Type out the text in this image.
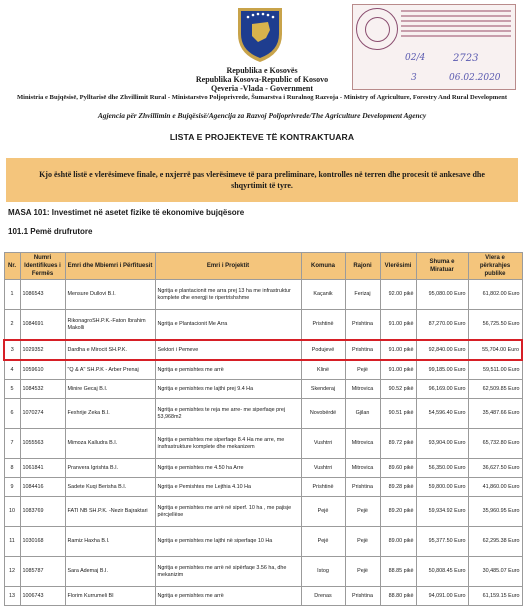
02/4	2723
3	06.02.2020
Republika e Kosovës
Republika Kosova-Republic of Kosovo
Qeveria -Vlada - Government
Ministria e Bujqësisë, Pylltarisë dhe Zhvillimit Rural - Ministarstvo Poljoprivrede, Šumarstva i Ruralnog Razvoja - Ministry of Agriculture, Forestry And Rural Development
Agjencia për Zhvillimin e Bujqësisë/Agencija za Razvoj Poljoprivrede/The Agriculture Development Agency
LISTA E PROJEKTEVE TË KONTRAKTUARA
Kjo është listë e vlerësimeve finale, e nxjerrë pas vlerësimeve të para preliminare, kontrolles në terren dhe procesit të ankesave dhe shqyrtimit të tyre.
MASA 101: Investimet në asetet fizike të ekonomive bujqësore
101.1 Pemë drufrutore
Nr.	Numri Identifikues i Fermës	Emri dhe Mbiemri i Përfituesit	Emri i Projektit	Komuna	Rajoni	Vlerësimi	Shuma e Miratuar	Vlera e përkrahjes publike
1	1086543	Mensure Dullovi B.I.	Ngritja e plantacionit me arra prej 13 ha me infrastruktur komplete dhe energji te ripertrishshme	Kaçanik	Ferizaj	92.00 pikë	95,080.00 Euro	61,802.00 Euro
2	1084691	RikonagroSH.P.K.-Faton Ibrahim Makolli	Ngritja e Plantacionit Me Arra	Prishtinë	Prishtina	91.00 pikë	87,270.00 Euro	56,725.50 Euro
3	1029352	Dardha e Mirocit SH.P.K.	Sektori i Pemeve	Podujevë	Prishtina	91.00 pikë	92,840.00 Euro	55,704.00 Euro
4	1059610	"Q & A" SH.P.K - Arber Prenaj	Ngritja e pemishtes me arrë	Klinë	Pejë	91.00 pikë	99,185.00 Euro	59,511.00 Euro
5	1084532	Minire Gecaj B.I.	Ngritja e pemishtes me lajthi prej 9.4 Ha	Skenderaj	Mitrovica	90.52 pikë	96,169.00 Euro	62,509.85 Euro
6	1070274	Fexhrije Zeka B.I.	Ngritja e pemishtes te reja me arre- me siperfaqe prej 53,968m2	Novobërdë	Gjilan	90.51 pikë	54,596.40 Euro	35,487.66 Euro
7	1055563	Mimoza Kalludra B.I.	Ngritja e pemishtes me siperfaqe 8.4 Ha me arre, me insfrastrukture komplete dhe mekanizem	Vushtrri	Mitrovica	89.72 pikë	93,904.00 Euro	65,732.80 Euro
8	1061841	Pranvera Igrishta B.I.	Ngritja e pemishtes me 4.50 ha Arre	Vushtrri	Mitrovica	89.60 pikë	56,350.00 Euro	36,627.50 Euro
9	1084416	Sadete Kuqi Berisha B.I.	Ngritja e Pemishtes me Lejthia 4.10 Ha	Prishtinë	Prishtina	89.28 pikë	59,800.00 Euro	41,860.00 Euro
10	1083769	FATI NB SH.P.K. -Nezir Bajraktari	Ngritja e pemishtes me arrë në siperf. 10 ha , me pajisje përcjellëse	Pejë	Pejë	89.20 pikë	59,934.92 Euro	35,960.95 Euro
11	1030168	Ramiz Haxha B.I.	Ngritja e pemishtes me lajthi në siperfaqe 10 Ha	Pejë	Pejë	89.00 pikë	95,377.50 Euro	62,295.38 Euro
12	1085787	Sara Ademaj B.I.	Ngritja e pemishtes me arrë në sipërfaqe 3.56 ha, dhe mekanizim	Istog	Pejë	88.85 pikë	50,808.45 Euro	30,485.07 Euro
13	1006743	Florim Kurrumeli BI	Ngritja e pemishtes me arrë	Drenas	Prishtina	88.80 pikë	94,091.00 Euro	61,159.15 Euro
